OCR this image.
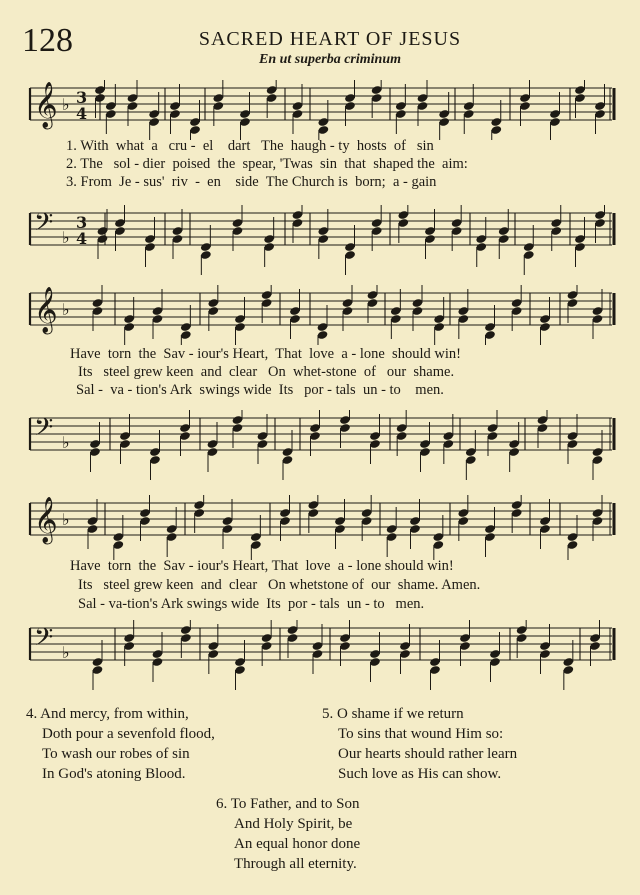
128	SACRED HEART OF JESUS
En ut superba criminum
𝄞 ♭ 3
4
1. With  what  a   cru -  el    dart   The  haugh - ty  hosts  of   sin
2. The   sol - dier  poised  the  spear, 'Twas  sin  that  shaped the  aim:
3. From  Je - sus'  riv  -  en    side  The Church is  born;  a - gain
𝄢 ♭
3
4
𝄞 ♭
Have  torn  the  Sav - iour's Heart,  That  love  a - lone  should win!
Its   steel grew keen  and  clear   On  whet-stone  of   our  shame.
Sal -  va - tion's Ark  swings wide  Its   por - tals  un - to    men.
𝄢 ♭
𝄞 ♭
Have  torn  the  Sav - iour's Heart, That  love  a - lone should win!
Its   steel grew keen  and  clear   On whetstone of  our  shame. Amen.
Sal - va-tion's Ark swings wide  Its  por - tals  un - to   men.
𝄢 ♭
4. And mercy, from within,
Doth pour a sevenfold flood,
To wash our robes of sin
In God's atoning Blood.
5. O shame if we return
To sins that wound Him so:
Our hearts should rather learn
Such love as His can show.
6. To Father, and to Son
And Holy Spirit, be
An equal honor done
Through all eternity.
